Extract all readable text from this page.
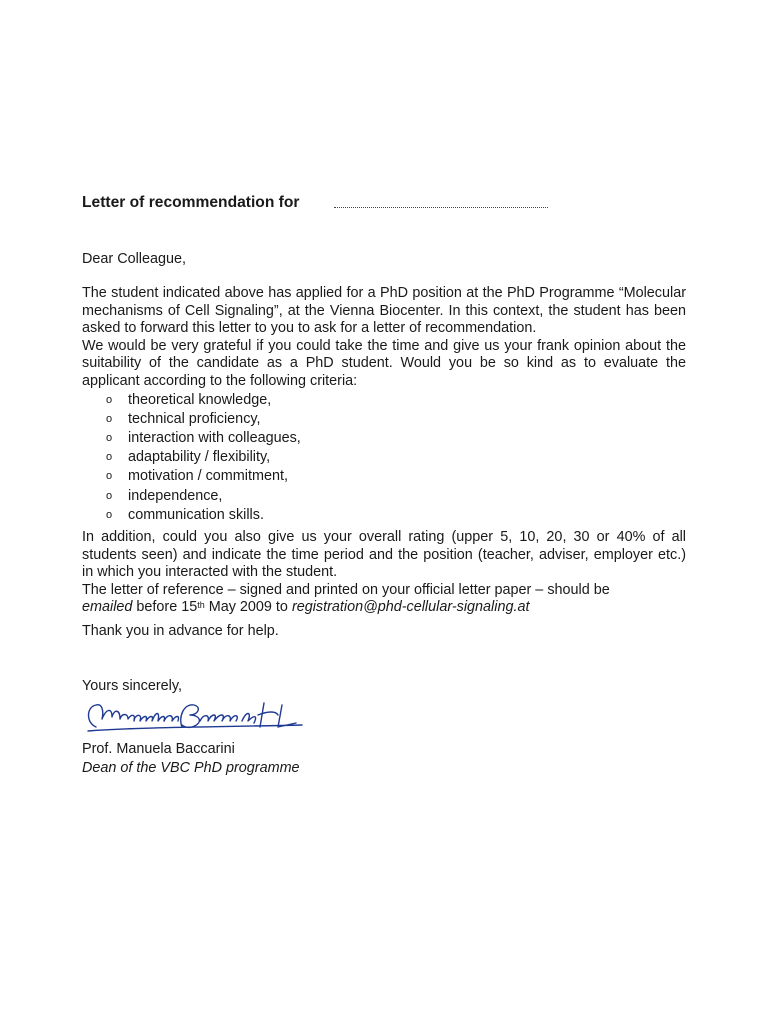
Letter of recommendation for
Dear Colleague,

The student indicated above has applied for a PhD position at the PhD Programme “Molecular mechanisms of Cell Signaling”, at the Vienna Biocenter. In this context, the student has been asked to forward this letter to you to ask for a letter of recommendation.

We would be very grateful if you could take the time and give us your frank opinion about the suitability of the candidate as a PhD student. Would you be so kind as to evaluate the applicant according to the following criteria:

o theoretical knowledge,
o technical proficiency,
o interaction with colleagues,
o adaptability / flexibility,
o motivation / commitment,
o independence,
o communication skills.

In addition, could you also give us your overall rating (upper 5, 10, 20, 30 or 40% of all students seen) and indicate the time period and the position (teacher, adviser, employer etc.) in which you interacted with the student.

The letter of reference – signed and printed on your official letter paper – should be
emailed before 15th May 2009 to registration@phd-cellular-signaling.at

Thank you in advance for help.

Yours sincerely,
Prof. Manuela Baccarini
Dean of the VBC PhD programme
